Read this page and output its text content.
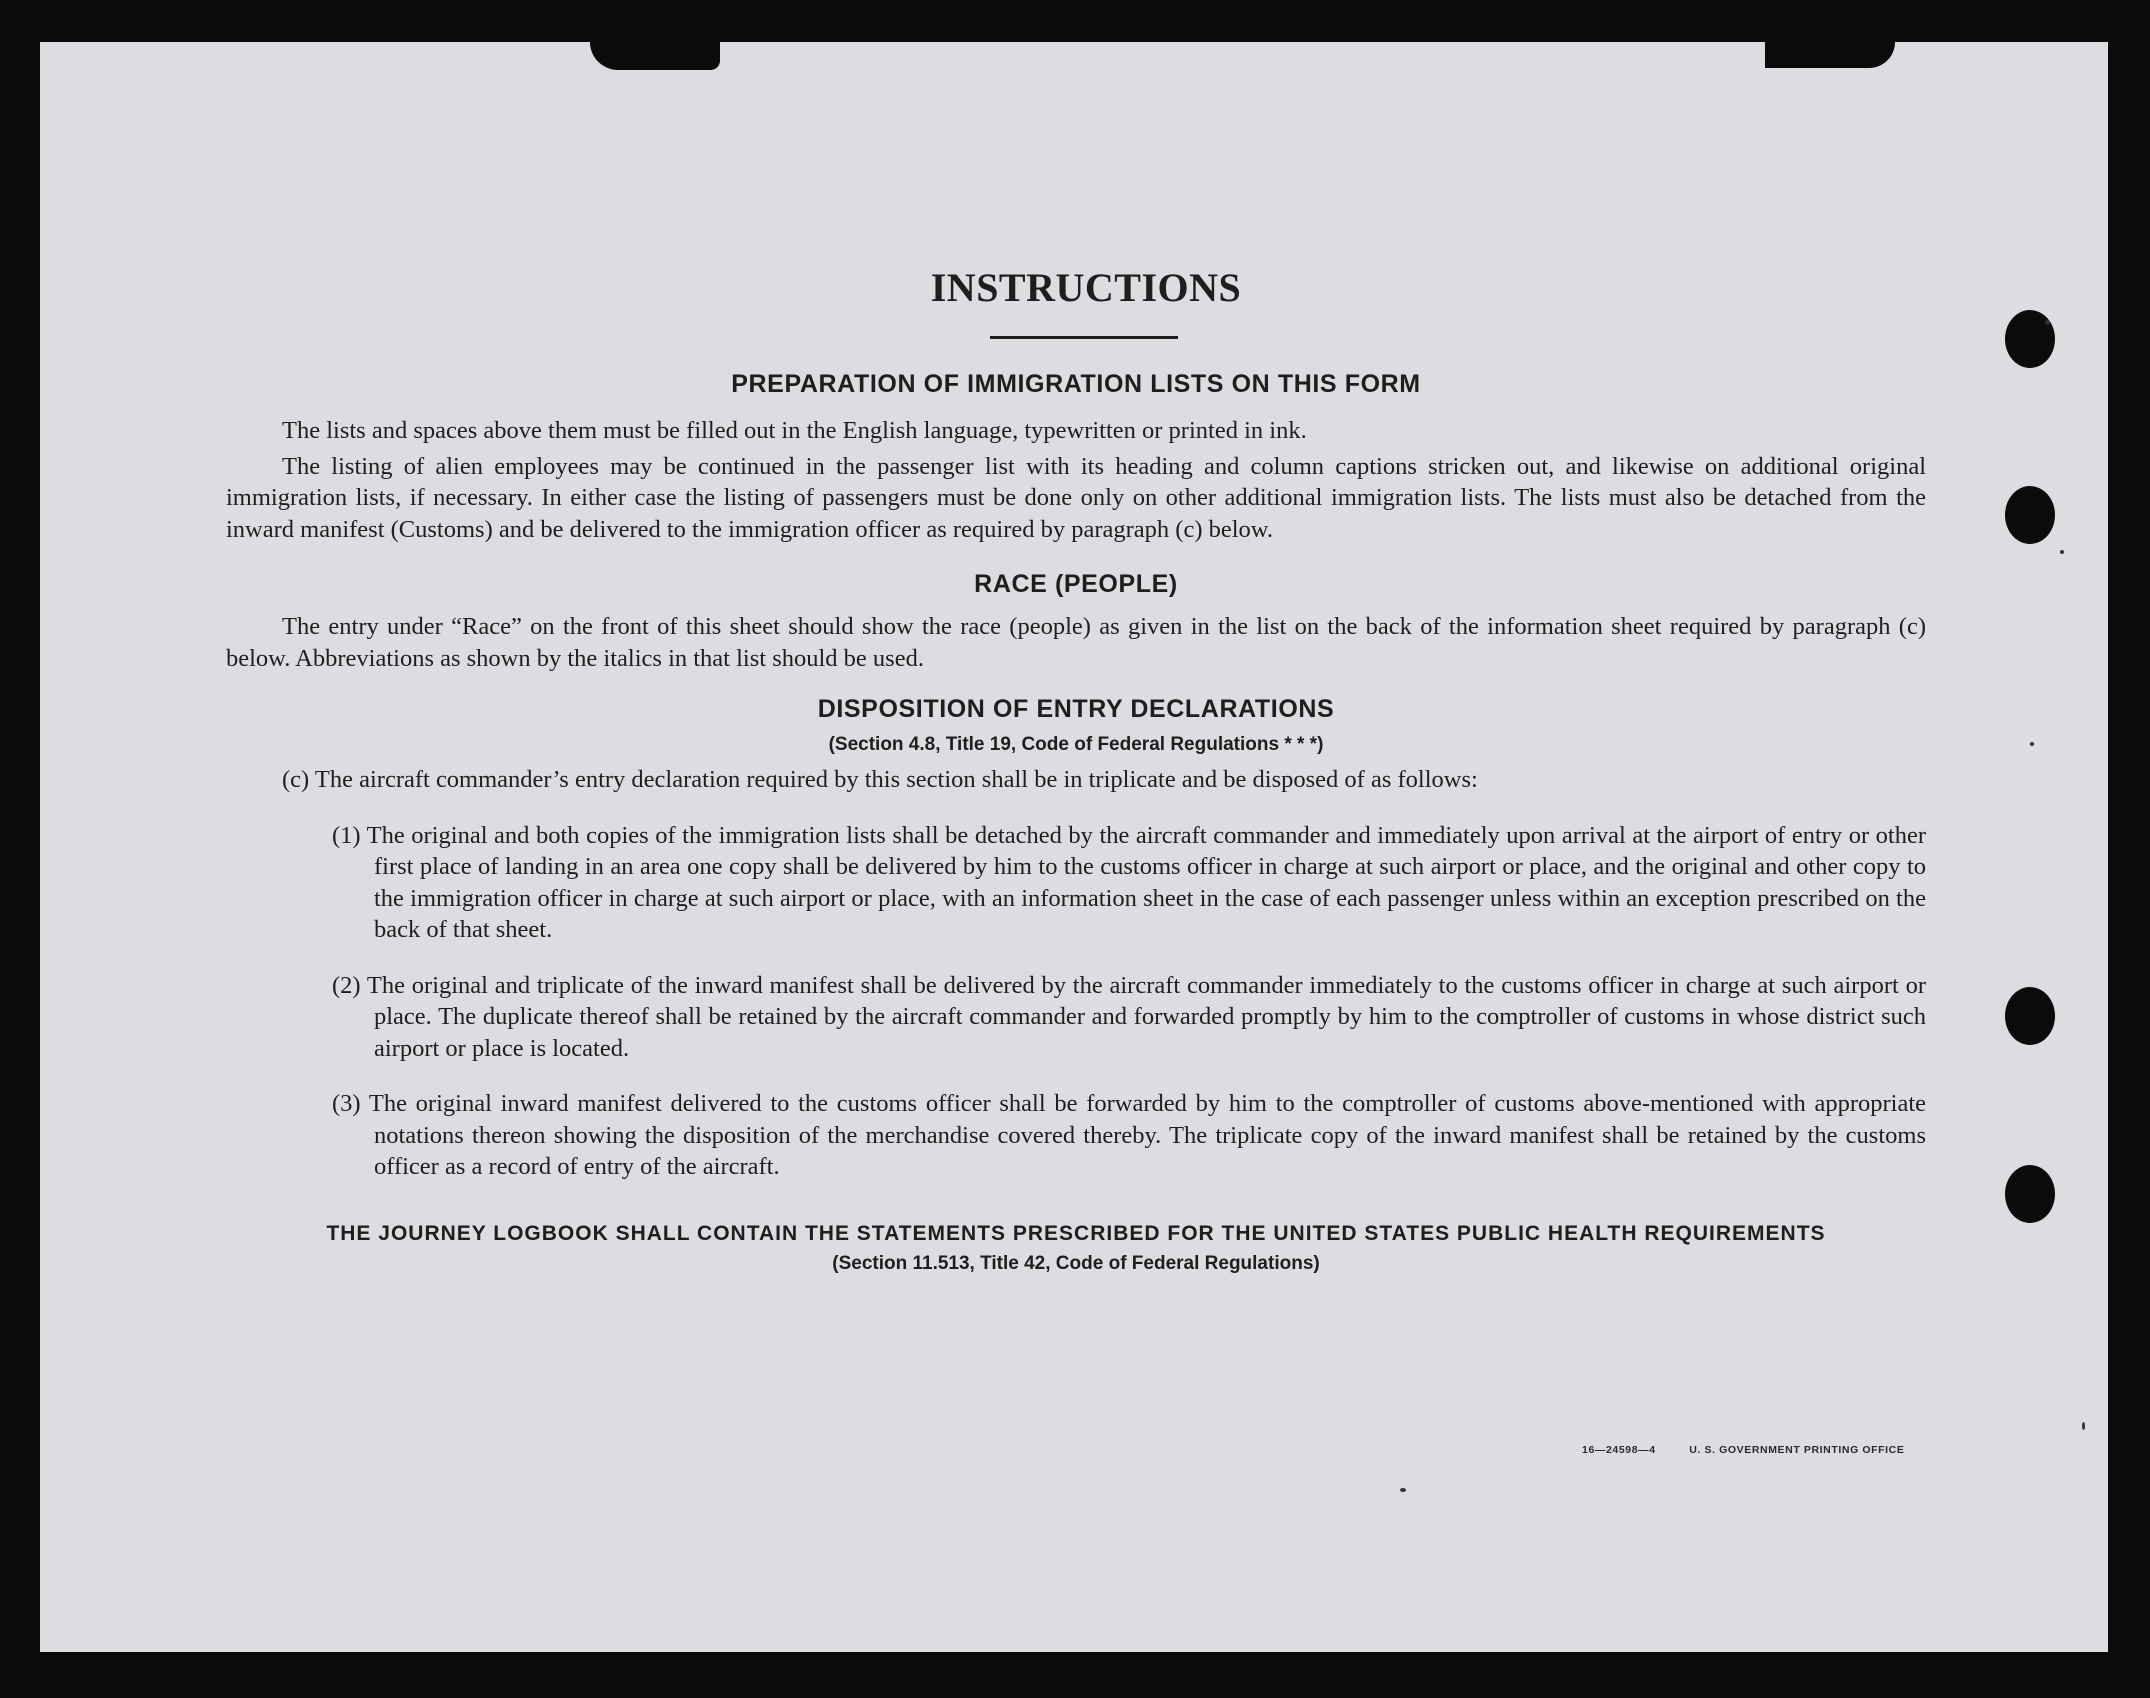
INSTRUCTIONS
PREPARATION OF IMMIGRATION LISTS ON THIS FORM

The lists and spaces above them must be filled out in the English language, typewritten or printed in ink.

The listing of alien employees may be continued in the passenger list with its heading and column captions stricken out, and likewise on additional original immigration lists, if necessary. In either case the listing of passengers must be done only on other additional immigration lists. The lists must also be detached from the inward manifest (Customs) and be delivered to the immigration officer as required by paragraph (c) below.

RACE (PEOPLE)

The entry under “Race” on the front of this sheet should show the race (people) as given in the list on the back of the information sheet required by paragraph (c) below. Abbreviations as shown by the italics in that list should be used.

DISPOSITION OF ENTRY DECLARATIONS

(Section 4.8, Title 19, Code of Federal Regulations * * *)

(c) The aircraft commander’s entry declaration required by this section shall be in triplicate and be disposed of as follows:

(1) The original and both copies of the immigration lists shall be detached by the aircraft commander and immediately upon arrival at the airport of entry or other first place of landing in an area one copy shall be delivered by him to the customs officer in charge at such airport or place, and the original and other copy to the immigration officer in charge at such airport or place, with an information sheet in the case of each passenger unless within an exception prescribed on the back of that sheet.

(2) The original and triplicate of the inward manifest shall be delivered by the aircraft commander immediately to the customs officer in charge at such airport or place. The duplicate thereof shall be retained by the aircraft commander and forwarded promptly by him to the comptroller of customs in whose district such airport or place is located.

(3) The original inward manifest delivered to the customs officer shall be forwarded by him to the comptroller of customs above-mentioned with appropriate notations thereon showing the disposition of the merchandise covered thereby. The triplicate copy of the inward manifest shall be retained by the customs officer as a record of entry of the aircraft.

THE JOURNEY LOGBOOK SHALL CONTAIN THE STATEMENTS PRESCRIBED FOR THE UNITED STATES PUBLIC HEALTH REQUIREMENTS

(Section 11.513, Title 42, Code of Federal Regulations)

16—24598—4	U. S. GOVERNMENT PRINTING OFFICE
